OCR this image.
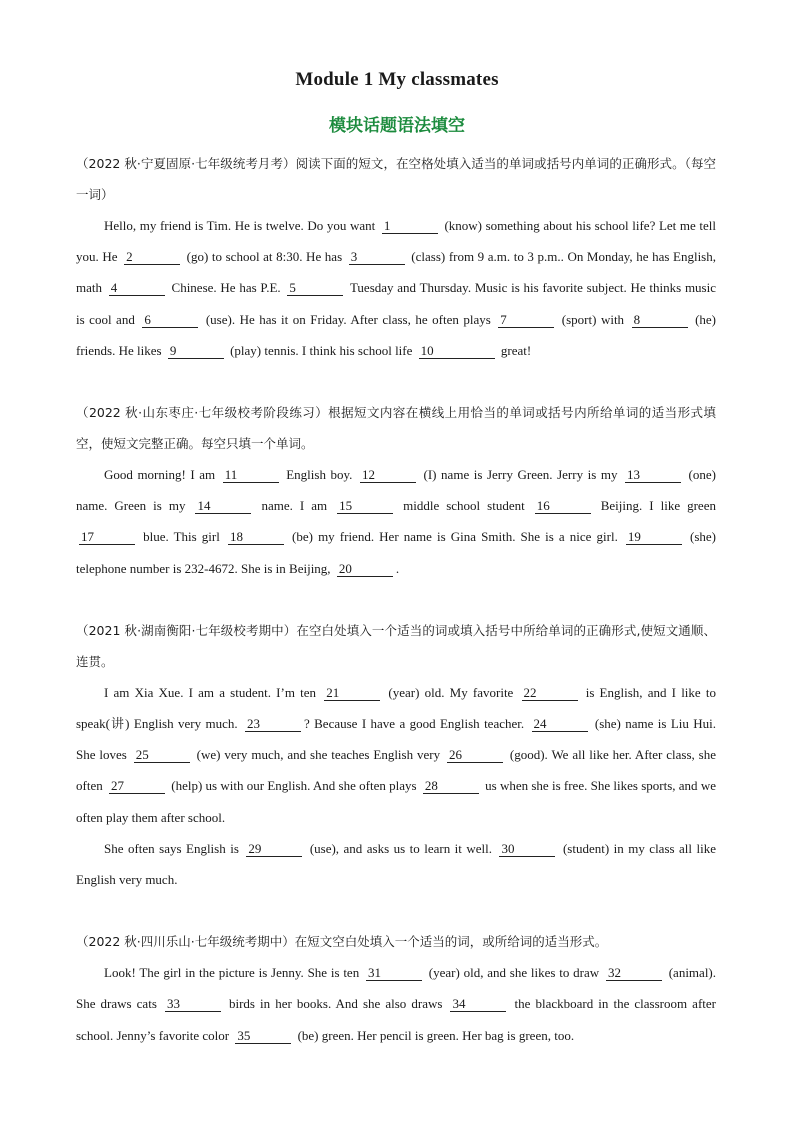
Module 1 My classmates
模块话题语法填空

（2022 秋·宁夏固原·七年级统考月考）阅读下面的短文，在空格处填入适当的单词或括号内单词的正确形式。（每空一词）

Hello, my friend is Tim. He is twelve. Do you want 1	(know) something about his school life? Let me tell you. He 2	(go) to school at 8:30. He has 3	(class) from 9 a.m. to 3 p.m.. On Monday, he has English, math 4	Chinese. He has P.E. 5	Tuesday and Thursday. Music is his favorite subject. He thinks music is cool and 6	(use). He has it on Friday. After class, he often plays 7	(sport) with 8	(he) friends. He likes 9	(play) tennis. I think his school life 10	great!

（2022 秋·山东枣庄·七年级校考阶段练习）根据短文内容在横线上用恰当的单词或括号内所给单词的适当形式填空，使短文完整正确。每空只填一个单词。

Good morning! I am 11	English boy. 12	(I) name is Jerry Green. Jerry is my 13	(one) name. Green is my 14	name. I am 15	middle school student 16	Beijing. I like green 17	blue. This girl 18	(be) my friend. Her name is Gina Smith. She is a nice girl. 19	(she) telephone number is 232-4672. She is in Beijing, 20	.

（2021 秋·湖南衡阳·七年级校考期中）在空白处填入一个适当的词或填入括号中所给单词的正确形式,使短文通顺、连贯。

I am Xia Xue. I am a student. I’m ten 21	(year) old. My favorite 22	is English, and I like to speak(讲) English very much. 23	? Because I have a good English teacher. 24	(she) name is Liu Hui. She loves 25	(we) very much, and she teaches English very 26	(good). We all like her. After class, she often 27	(help) us with our English. And she often plays 28	us when she is free. She likes sports, and we often play them after school.

She often says English is 29	(use), and asks us to learn it well. 30	(student) in my class all like English very much.

（2022 秋·四川乐山·七年级统考期中）在短文空白处填入一个适当的词，或所给词的适当形式。

Look! The girl in the picture is Jenny. She is ten 31	(year) old, and she likes to draw 32	(animal). She draws cats 33	birds in her books. And she also draws 34	the blackboard in the classroom after school. Jenny’s favorite color 35	(be) green. Her pencil is green. Her bag is green, too.
